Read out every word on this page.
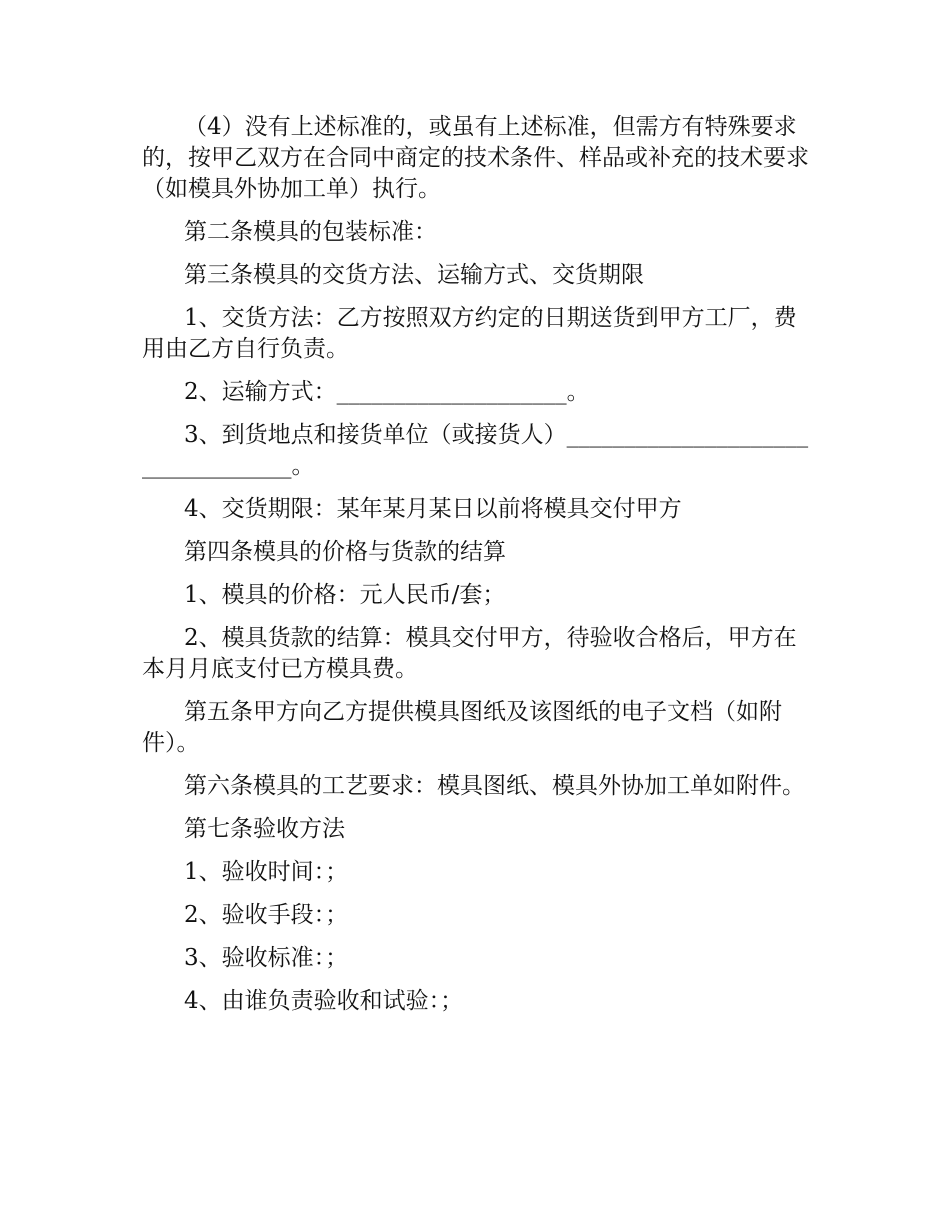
（4）没有上述标准的，或虽有上述标准，但需方有特殊要求的，按甲乙双方在合同中商定的技术条件、样品或补充的技术要求（如模具外协加工单）执行。

第二条模具的包装标准：

第三条模具的交货方法、运输方式、交货期限

1、交货方法：乙方按照双方约定的日期送货到甲方工厂，费用由乙方自行负责。

2、运输方式：____________________。

3、到货地点和接货单位（或接货人）__________________________________。

4、交货期限：某年某月某日以前将模具交付甲方

第四条模具的价格与货款的结算

1、模具的价格：元人民币/套；

2、模具货款的结算：模具交付甲方，待验收合格后，甲方在本月月底支付已方模具费。

第五条甲方向乙方提供模具图纸及该图纸的电子文档（如附件）。

第六条模具的工艺要求：模具图纸、模具外协加工单如附件。

第七条验收方法

1、验收时间：；

2、验收手段：；

3、验收标准：；

4、由谁负责验收和试验：；
